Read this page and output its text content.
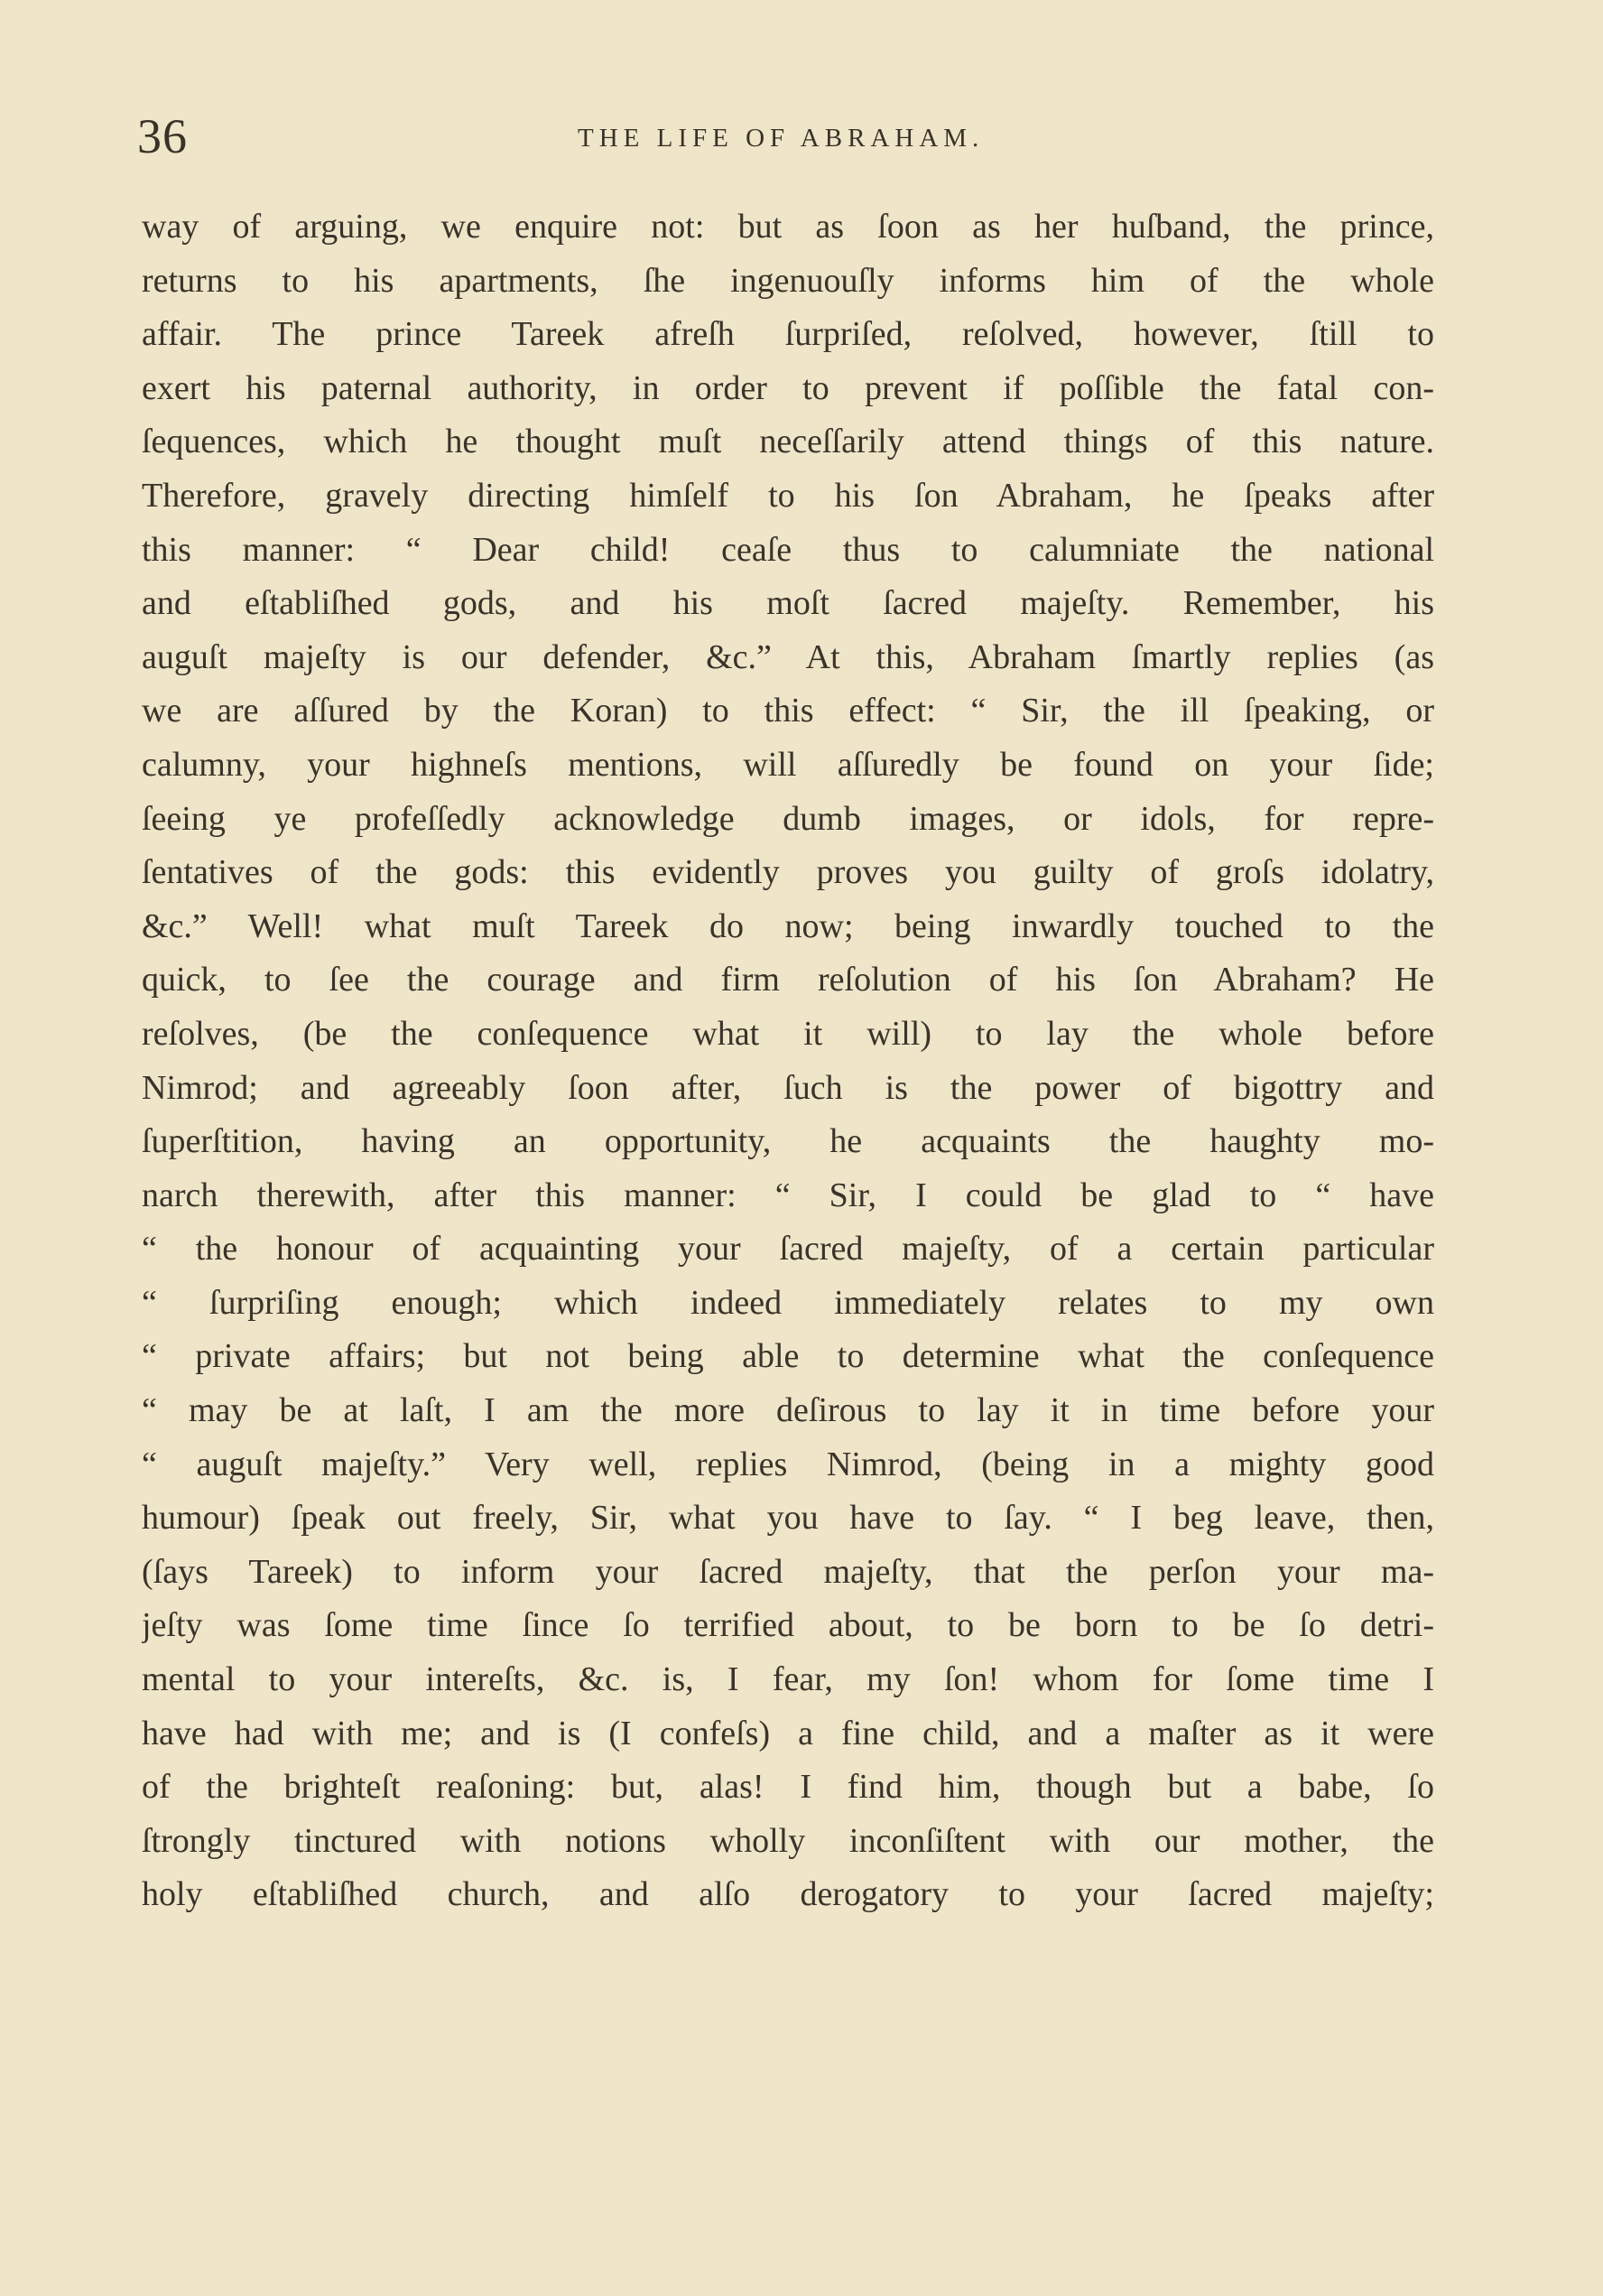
36	THE LIFE OF ABRAHAM.
way of arguing, we enquire not: but as ſoon as her huſband, the prince,
returns to his apartments, ſhe ingenuouſly informs him of the whole
affair. The prince Tareek afreſh ſurpriſed, reſolved, however, ſtill to
exert his paternal authority, in order to prevent if poſſible the fatal con-
ſequences, which he thought muſt neceſſarily attend things of this nature.
Therefore, gravely directing himſelf to his ſon Abraham, he ſpeaks after
this manner: “ Dear child! ceaſe thus to calumniate the national
and eſtabliſhed gods, and his moſt ſacred majeſty. Remember, his
auguſt majeſty is our defender, &c.” At this, Abraham ſmartly replies (as
we are aſſured by the Koran) to this effect: “ Sir, the ill ſpeaking, or
calumny, your highneſs mentions, will aſſuredly be found on your ſide;
ſeeing ye profeſſedly acknowledge dumb images, or idols, for repre-
ſentatives of the gods: this evidently proves you guilty of groſs idolatry,
&c.” Well! what muſt Tareek do now; being inwardly touched to the
quick, to ſee the courage and firm reſolution of his ſon Abraham? He
reſolves, (be the conſequence what it will) to lay the whole before
Nimrod; and agreeably ſoon after, ſuch is the power of bigottry and
ſuperſtition, having an opportunity, he acquaints the haughty mo-
narch therewith, after this manner: “ Sir, I could be glad to “ have
“ the honour of acquainting your ſacred majeſty, of a certain particular
“ ſurpriſing enough; which indeed immediately relates to my own
“ private affairs; but not being able to determine what the conſequence
“ may be at laſt, I am the more deſirous to lay it in time before your
“ auguſt majeſty.” Very well, replies Nimrod, (being in a mighty good
humour) ſpeak out freely, Sir, what you have to ſay. “ I beg leave, then,
(ſays Tareek) to inform your ſacred majeſty, that the perſon your ma-
jeſty was ſome time ſince ſo terrified about, to be born to be ſo detri-
mental to your intereſts, &c. is, I fear, my ſon! whom for ſome time I
have had with me; and is (I confeſs) a fine child, and a maſter as it were
of the brighteſt reaſoning: but, alas! I find him, though but a babe, ſo
ſtrongly tinctured with notions wholly inconſiſtent with our mother, the
holy eſtabliſhed church, and alſo derogatory to your ſacred majeſty;
